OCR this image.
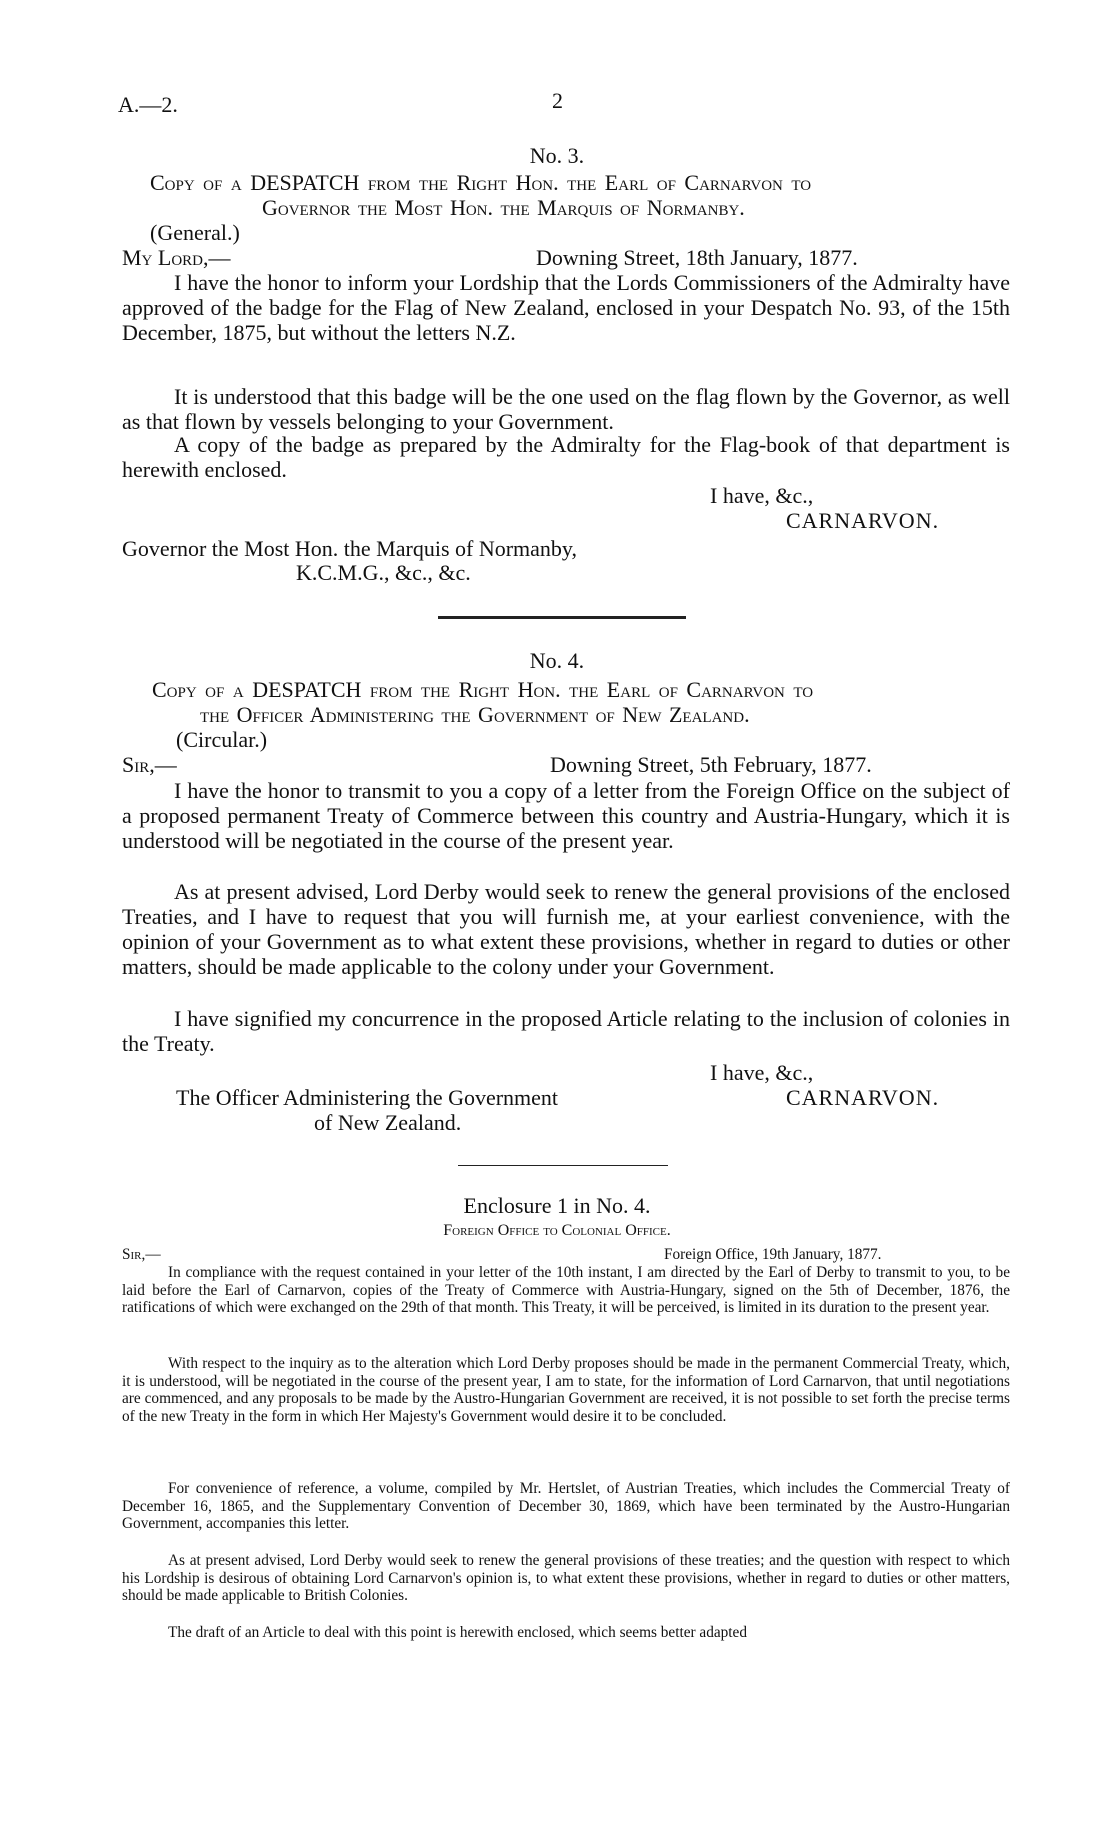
A.—2.	2
No. 3.
Copy of a DESPATCH from the Right Hon. the Earl of Carnarvon to
Governor the Most Hon. the Marquis of Normanby.
(General.)
My Lord,—	Downing Street, 18th January, 1877.

I have the honor to inform your Lordship that the Lords Commissioners of the Admiralty have approved of the badge for the Flag of New Zealand, enclosed in your Despatch No. 93, of the 15th December, 1875, but without the letters N.Z.

It is understood that this badge will be the one used on the flag flown by the Governor, as well as that flown by vessels belonging to your Government.

A copy of the badge as prepared by the Admiralty for the Flag-book of that department is herewith enclosed.

I have, &c.,
CARNARVON.
Governor the Most Hon. the Marquis of Normanby,
K.C.M.G., &c., &c.
No. 4.
Copy of a DESPATCH from the Right Hon. the Earl of Carnarvon to
the Officer Administering the Government of New Zealand.
(Circular.)
Sir,—	Downing Street, 5th February, 1877.

I have the honor to transmit to you a copy of a letter from the Foreign Office on the subject of a proposed permanent Treaty of Commerce between this country and Austria-Hungary, which it is understood will be negotiated in the course of the present year.

As at present advised, Lord Derby would seek to renew the general provisions of the enclosed Treaties, and I have to request that you will furnish me, at your earliest convenience, with the opinion of your Government as to what extent these provisions, whether in regard to duties or other matters, should be made applicable to the colony under your Government.

I have signified my concurrence in the proposed Article relating to the inclusion of colonies in the Treaty.

I have, &c.,
The Officer Administering the Government	CARNARVON.
of New Zealand.
Enclosure 1 in No. 4.
Foreign Office to Colonial Office.
Sir,—	Foreign Office, 19th January, 1877.

In compliance with the request contained in your letter of the 10th instant, I am directed by the Earl of Derby to transmit to you, to be laid before the Earl of Carnarvon, copies of the Treaty of Commerce with Austria-Hungary, signed on the 5th of December, 1876, the ratifications of which were exchanged on the 29th of that month. This Treaty, it will be perceived, is limited in its duration to the present year.

With respect to the inquiry as to the alteration which Lord Derby proposes should be made in the permanent Commercial Treaty, which, it is understood, will be negotiated in the course of the present year, I am to state, for the information of Lord Carnarvon, that until negotiations are commenced, and any proposals to be made by the Austro-Hungarian Government are received, it is not possible to set forth the precise terms of the new Treaty in the form in which Her Majesty's Government would desire it to be concluded.

For convenience of reference, a volume, compiled by Mr. Hertslet, of Austrian Treaties, which includes the Commercial Treaty of December 16, 1865, and the Supplementary Convention of December 30, 1869, which have been terminated by the Austro-Hungarian Government, accompanies this letter.

As at present advised, Lord Derby would seek to renew the general provisions of these treaties; and the question with respect to which his Lordship is desirous of obtaining Lord Carnarvon's opinion is, to what extent these provisions, whether in regard to duties or other matters, should be made applicable to British Colonies.

The draft of an Article to deal with this point is herewith enclosed, which seems better adapted
